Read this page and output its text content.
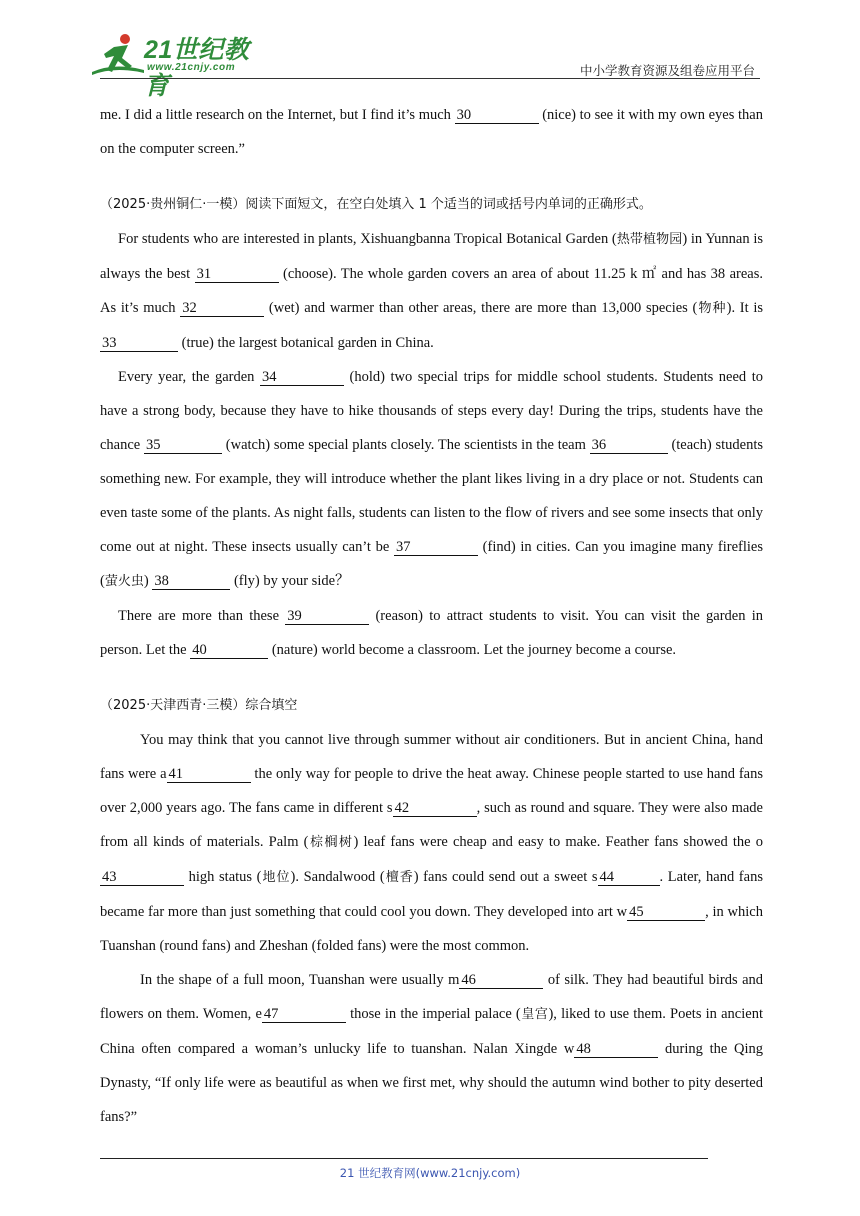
21世纪教育
www.21cnjy.com	中小学教育资源及组卷应用平台

me. I did a little research on the Internet, but I find it’s much 30	(nice) to see it with my own eyes than on the computer screen.”

（2025·贵州铜仁·一模）阅读下面短文，在空白处填入 1 个适当的词或括号内单词的正确形式。

For students who are interested in plants, Xishuangbanna Tropical Botanical Garden (热带植物园) in Yunnan is always the best 31	(choose). The whole garden covers an area of about 11.25 k ㎡ and has 38 areas. As it’s much 32	(wet) and warmer than other areas, there are more than 13,000 species (物种). It is 33	(true) the largest botanical garden in China.

Every year, the garden 34	(hold) two special trips for middle school students. Students need to have a strong body, because they have to hike thousands of steps every day! During the trips, students have the chance 35	(watch) some special plants closely. The scientists in the team 36	(teach) students something new. For example, they will introduce whether the plant likes living in a dry place or not. Students can even taste some of the plants. As night falls, students can listen to the flow of rivers and see some insects that only come out at night. These insects usually can’t be 37	(find) in cities. Can you imagine many fireflies (萤火虫) 38	(fly) by your side？

There are more than these 39	(reason) to attract students to visit. You can visit the garden in person. Let the 40	(nature) world become a classroom. Let the journey become a course.

（2025·天津西青·三模）综合填空

You may think that you cannot live through summer without air conditioners. But in ancient China, hand fans were a 41	the only way for people to drive the heat away. Chinese people started to use hand fans over 2,000 years ago. The fans came in different s 42	, such as round and square. They were also made from all kinds of materials. Palm (棕榈树) leaf fans were cheap and easy to make. Feather fans showed the o43	high status (地位). Sandalwood (檀香) fans could send out a sweet s 44	. Later, hand fans became far more than just something that could cool you down. They developed into art w 45	, in which Tuanshan (round fans) and Zheshan (folded fans) were the most common.

In the shape of a full moon, Tuanshan were usually m 46	of silk. They had beautiful birds and flowers on them. Women, e 47	those in the imperial palace (皇宫), liked to use them. Poets in ancient China often compared a woman’s unlucky life to tuanshan. Nalan Xingde w 48	during the Qing Dynasty, “If only life were as beautiful as when we first met, why should the autumn wind bother to pity deserted fans?”

21 世纪教育网(www.21cnjy.com)
